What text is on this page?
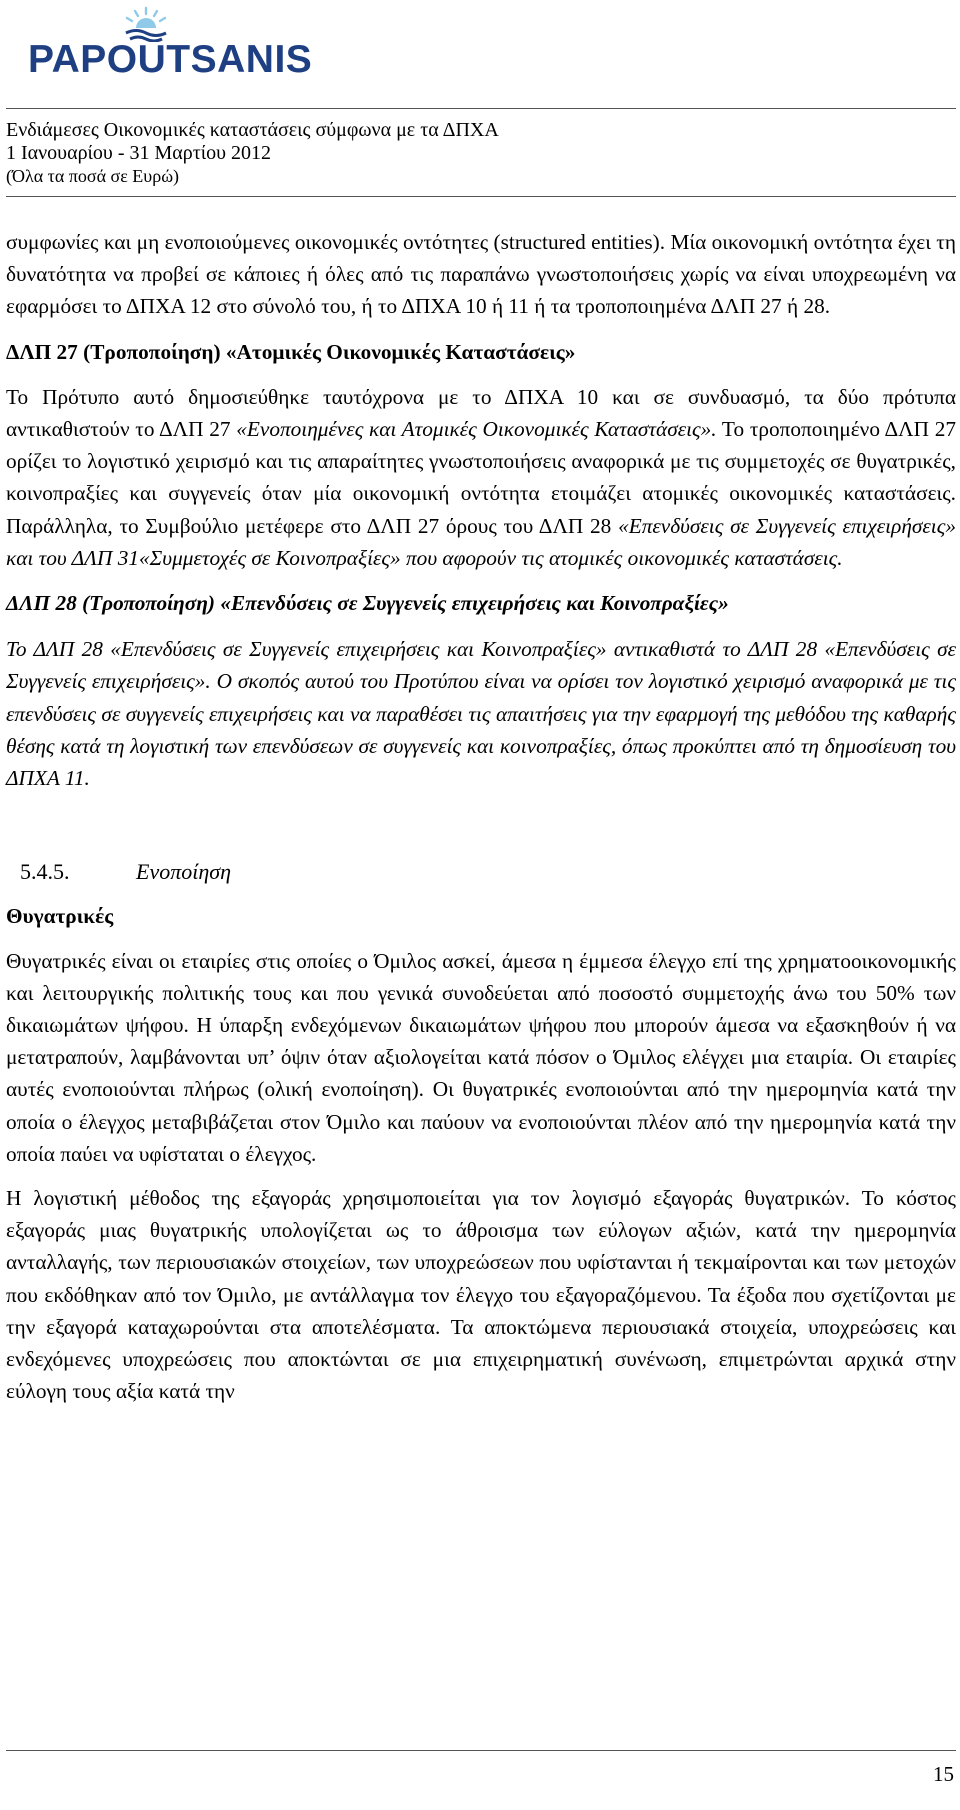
PAPOUTSANIS
Ενδιάμεσες Οικονομικές καταστάσεις σύμφωνα με τα ΔΠΧΑ
1 Ιανουαρίου - 31 Μαρτίου 2012
(Όλα τα ποσά σε Ευρώ)

συμφωνίες και μη ενοποιούμενες οικονομικές οντότητες (structured entities). Μία οικονομική οντότητα έχει τη δυνατότητα να προβεί σε κάποιες ή όλες από τις παραπάνω γνωστοποιήσεις χωρίς να είναι υποχρεωμένη να εφαρμόσει το ΔΠΧΑ 12 στο σύνολό του, ή το ΔΠΧΑ 10 ή 11 ή τα τροποποιημένα ΔΛΠ 27 ή 28.

ΔΛΠ 27 (Τροποποίηση) «Ατομικές Οικονομικές Καταστάσεις»

Το Πρότυπο αυτό δημοσιεύθηκε ταυτόχρονα με το ΔΠΧΑ 10 και σε συνδυασμό, τα δύο πρότυπα αντικαθιστούν το ΔΛΠ 27 «Ενοποιημένες και Ατομικές Οικονομικές Καταστάσεις». Το τροποποιημένο ΔΛΠ 27 ορίζει το λογιστικό χειρισμό και τις απαραίτητες γνωστοποιήσεις αναφορικά με τις συμμετοχές σε θυγατρικές, κοινοπραξίες και συγγενείς όταν μία οικονομική οντότητα ετοιμάζει ατομικές οικονομικές καταστάσεις. Παράλληλα, το Συμβούλιο μετέφερε στο ΔΛΠ 27 όρους του ΔΛΠ 28 «Επενδύσεις σε Συγγενείς επιχειρήσεις» και του ΔΛΠ 31«Συμμετοχές σε Κοινοπραξίες» που αφορούν τις ατομικές οικονομικές καταστάσεις.

ΔΛΠ 28 (Τροποποίηση) «Επενδύσεις σε Συγγενείς επιχειρήσεις και Κοινοπραξίες»

Το ΔΛΠ 28 «Επενδύσεις σε Συγγενείς επιχειρήσεις και Κοινοπραξίες» αντικαθιστά το ΔΛΠ 28 «Επενδύσεις σε Συγγενείς επιχειρήσεις». Ο σκοπός αυτού του Προτύπου είναι να ορίσει τον λογιστικό χειρισμό αναφορικά με τις επενδύσεις σε συγγενείς επιχειρήσεις και να παραθέσει τις απαιτήσεις για την εφαρμογή της μεθόδου της καθαρής θέσης κατά τη λογιστική των επενδύσεων σε συγγενείς και κοινοπραξίες, όπως προκύπτει από τη δημοσίευση του ΔΠΧΑ 11.

5.4.5.	Ενοποίηση

Θυγατρικές

Θυγατρικές είναι οι εταιρίες στις οποίες ο Όμιλος ασκεί, άμεσα η έμμεσα έλεγχο επί της χρηματοοικονομικής και λειτουργικής πολιτικής τους και που γενικά συνοδεύεται από ποσοστό συμμετοχής άνω του 50% των δικαιωμάτων ψήφου. Η ύπαρξη ενδεχόμενων δικαιωμάτων ψήφου που μπορούν άμεσα να εξασκηθούν ή να μετατραπούν, λαμβάνονται υπ’ όψιν όταν αξιολογείται κατά πόσον ο Όμιλος ελέγχει μια εταιρία. Οι εταιρίες αυτές ενοποιούνται πλήρως (ολική ενοποίηση). Οι θυγατρικές ενοποιούνται από την ημερομηνία κατά την οποία ο έλεγχος μεταβιβάζεται στον Όμιλο και παύουν να ενοποιούνται πλέον από την ημερομηνία κατά την οποία παύει να υφίσταται ο έλεγχος.

Η λογιστική μέθοδος της εξαγοράς χρησιμοποιείται για τον λογισμό εξαγοράς θυγατρικών. Το κόστος εξαγοράς μιας θυγατρικής υπολογίζεται ως το άθροισμα των εύλογων αξιών, κατά την ημερομηνία ανταλλαγής, των περιουσιακών στοιχείων, των υποχρεώσεων που υφίστανται ή τεκμαίρονται και των μετοχών που εκδόθηκαν από τον Όμιλο, με αντάλλαγμα τον έλεγχο του εξαγοραζόμενου. Τα έξοδα που σχετίζονται με την εξαγορά καταχωρούνται στα αποτελέσματα. Τα αποκτώμενα περιουσιακά στοιχεία, υποχρεώσεις και ενδεχόμενες υποχρεώσεις που αποκτώνται σε μια επιχειρηματική συνένωση, επιμετρώνται αρχικά στην εύλογη τους αξία κατά την

15
